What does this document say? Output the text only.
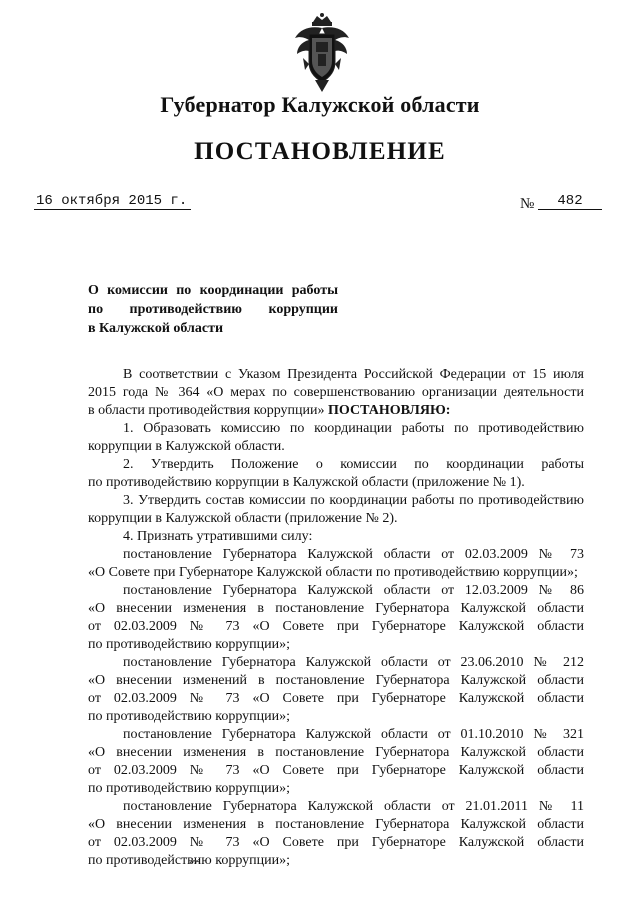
Губернатор Калужской области
ПОСТАНОВЛЕНИЕ
16 октября 2015 г.	№	482
О комиссии по координации работы
по противодействию коррупции
в Калужской области
В соответствии с Указом Президента Российской Федерации от 15 июля
2015 года № 364 «О мерах по совершенствованию организации деятельности
в области противодействия коррупции» ПОСТАНОВЛЯЮ:
1. Образовать комиссию по координации работы по противодействию
коррупции в Калужской области.
2. Утвердить Положение о комиссии по координации работы
по противодействию коррупции в Калужской области (приложение № 1).
3. Утвердить состав комиссии по координации работы по противодействию
коррупции в Калужской области (приложение № 2).
4. Признать утратившими силу:
постановление Губернатора Калужской области от 02.03.2009 № 73
«О Совете при Губернаторе Калужской области по противодействию коррупции»;
постановление Губернатора Калужской области от 12.03.2009 № 86
«О внесении изменения в постановление Губернатора Калужской области
от 02.03.2009 № 73 «О Совете при Губернаторе Калужской области
по противодействию коррупции»;
постановление Губернатора Калужской области от 23.06.2010 № 212
«О внесении изменений в постановление Губернатора Калужской области
от 02.03.2009 № 73 «О Совете при Губернаторе Калужской области
по противодействию коррупции»;
постановление Губернатора Калужской области от 01.10.2010 № 321
«О внесении изменения в постановление Губернатора Калужской области
от 02.03.2009 № 73 «О Совете при Губернаторе Калужской области
по противодействию коррупции»;
постановление Губернатора Калужской области от 21.01.2011 № 11
«О внесении изменения в постановление Губернатора Калужской области
от 02.03.2009 № 73 «О Совете при Губернаторе Калужской области
по противодействию коррупции»;
